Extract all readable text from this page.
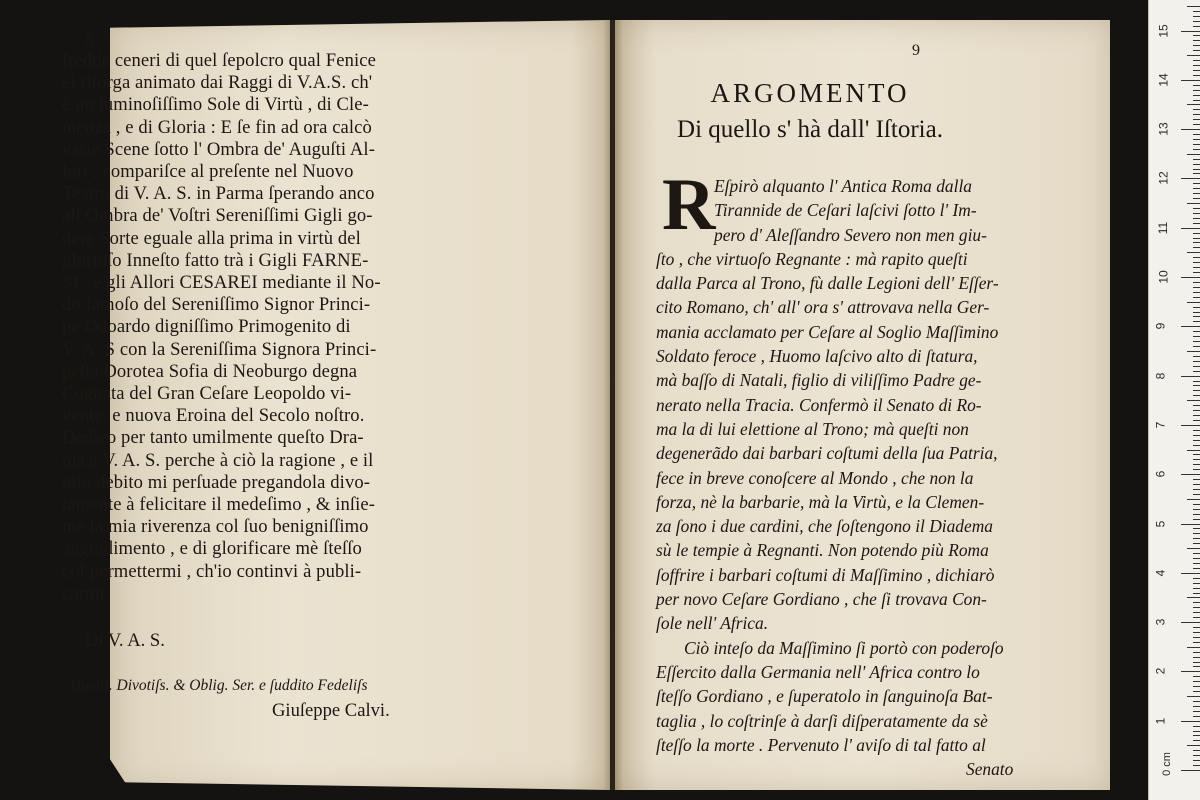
8
fredde ceneri di quel ſepolcro qual Fenice
ei riſorga animato dai Raggi di V.A.S. ch'
è un luminoſiſſimo Sole di Virtù , di Cle-
menza , e di Gloria : E ſe fin ad ora calcò
varie Scene ſotto l' Ombra de' Auguſti Al-
lori , compariſce al preſente nel Nuovo
Teatro di V. A. S. in Parma ſperando anco
all Ombra de' Voſtri Sereniſſimi Gigli go-
dere Sorte eguale alla prima in virtù del
glorioſo Inneſto fatto trà i Gigli FARNE-
SI , e gli Allori CESAREI mediante il No-
do famoſo del Sereniſſimo Signor Princi-
pe Odoardo digniſſimo Primogenito di
V. A. S con la Sereniſſima Signora Princi-
peſſa Dorotea Sofia di Neoburgo degna
Cognata del Gran Ceſare Leopoldo vi-
vente, e nuova Eroina del Secolo noſtro.
Dedico per tanto umilmente queſto Dra-
ma à V. A. S. perche à ciò la ragione , e il
mio debito mi perſuade pregandola divo-
tamente à felicitare il medeſimo , & inſie-
me la mia riverenza col ſuo benigniſſimo
aggradimento , e di glorificare mè ſteſſo
col permettermi , ch'io continvi à publi-
carmi
Di V. A. S.
Humil. Divotiſs. & Oblig. Ser. e ſuddito Fedeliſs
Giuſeppe Calvi.
9
ARGOMENTO
Di quello s' hà dall' Iſtoria.
R
Eſpirò alquanto l' Antica Roma dalla
Tirannide de Ceſari laſcivi ſotto l' Im-
pero d' Aleſſandro Severo non men giu-
ſto , che virtuoſo Regnante : mà rapito queſti
dalla Parca al Trono, fù dalle Legioni dell' Eſſer-
cito Romano, ch' all' ora s' attrovava nella Ger-
mania acclamato per Ceſare al Soglio Maſſimino
Soldato feroce , Huomo laſcivo alto di ſtatura,
mà baſſo di Natali, figlio di viliſſimo Padre ge-
nerato nella Tracia. Confermò il Senato di Ro-
ma la di lui elettione al Trono; mà queſti non
degenerãdo dai barbari coſtumi della ſua Patria,
fece in breve conoſcere al Mondo , che non la
forza, nè la barbarie, mà la Virtù, e la Clemen-
za ſono i due cardini, che ſoſtengono il Diadema
sù le tempie à Regnanti. Non potendo più Roma
ſoffrire i barbari coſtumi di Maſſimino , dichiarò
per novo Ceſare Gordiano , che ſi trovava Con-
ſole nell' Africa.
Ciò inteſo da Maſſimino ſi portò con poderoſo
Eſſercito dalla Germania nell' Africa contro lo
ſteſſo Gordiano , e ſuperatolo in ſanguinoſa Bat-
taglia , lo coſtrinſe à darſi diſperatamente da sè
ſteſſo la morte . Pervenuto l' aviſo di tal fatto al
Senato	0 cm
1
2
3
4
5
6
7
8
9
10
11
12
13
14
15
